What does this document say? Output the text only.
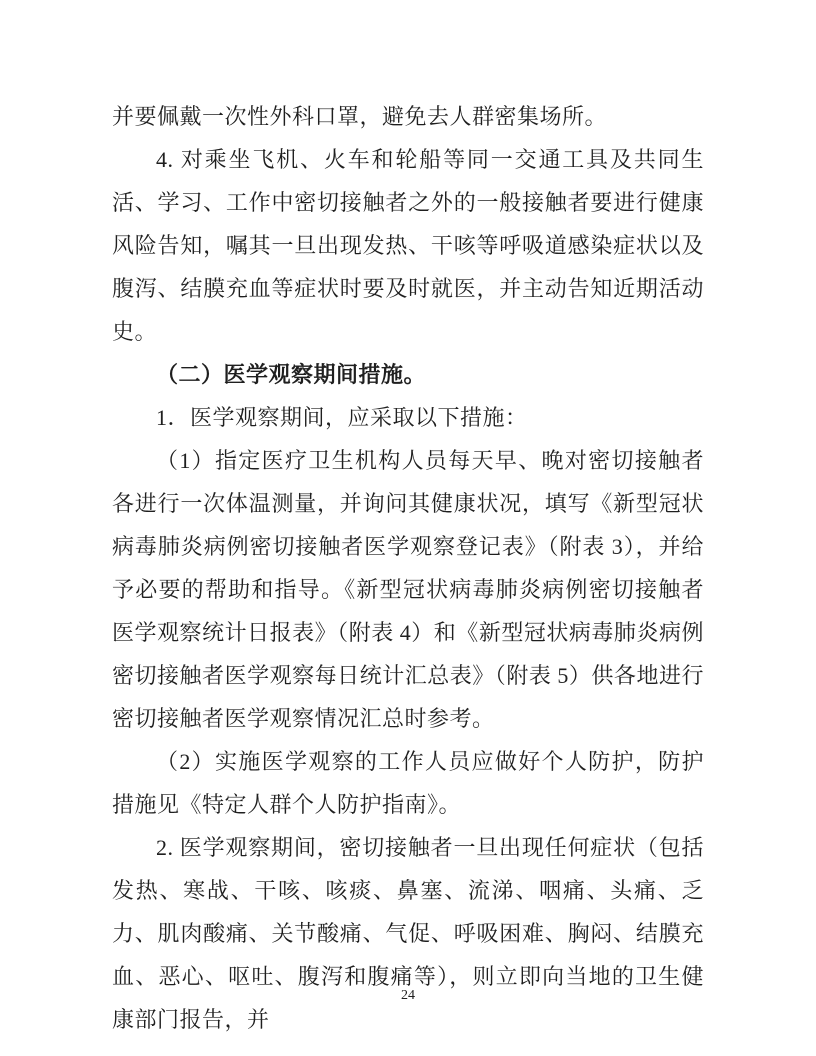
并要佩戴一次性外科口罩，避免去人群密集场所。

4. 对乘坐飞机、火车和轮船等同一交通工具及共同生活、学习、工作中密切接触者之外的一般接触者要进行健康风险告知，嘱其一旦出现发热、干咳等呼吸道感染症状以及腹泻、结膜充血等症状时要及时就医，并主动告知近期活动史。

（二）医学观察期间措施。

1．医学观察期间，应采取以下措施：

（1）指定医疗卫生机构人员每天早、晚对密切接触者各进行一次体温测量，并询问其健康状况，填写《新型冠状病毒肺炎病例密切接触者医学观察登记表》（附表 3），并给予必要的帮助和指导。《新型冠状病毒肺炎病例密切接触者医学观察统计日报表》（附表 4）和《新型冠状病毒肺炎病例密切接触者医学观察每日统计汇总表》（附表 5）供各地进行密切接触者医学观察情况汇总时参考。

（2）实施医学观察的工作人员应做好个人防护，防护措施见《特定人群个人防护指南》。

2. 医学观察期间，密切接触者一旦出现任何症状（包括发热、寒战、干咳、咳痰、鼻塞、流涕、咽痛、头痛、乏力、肌肉酸痛、关节酸痛、气促、呼吸困难、胸闷、结膜充血、恶心、呕吐、腹泻和腹痛等），则立即向当地的卫生健康部门报告，并

24
